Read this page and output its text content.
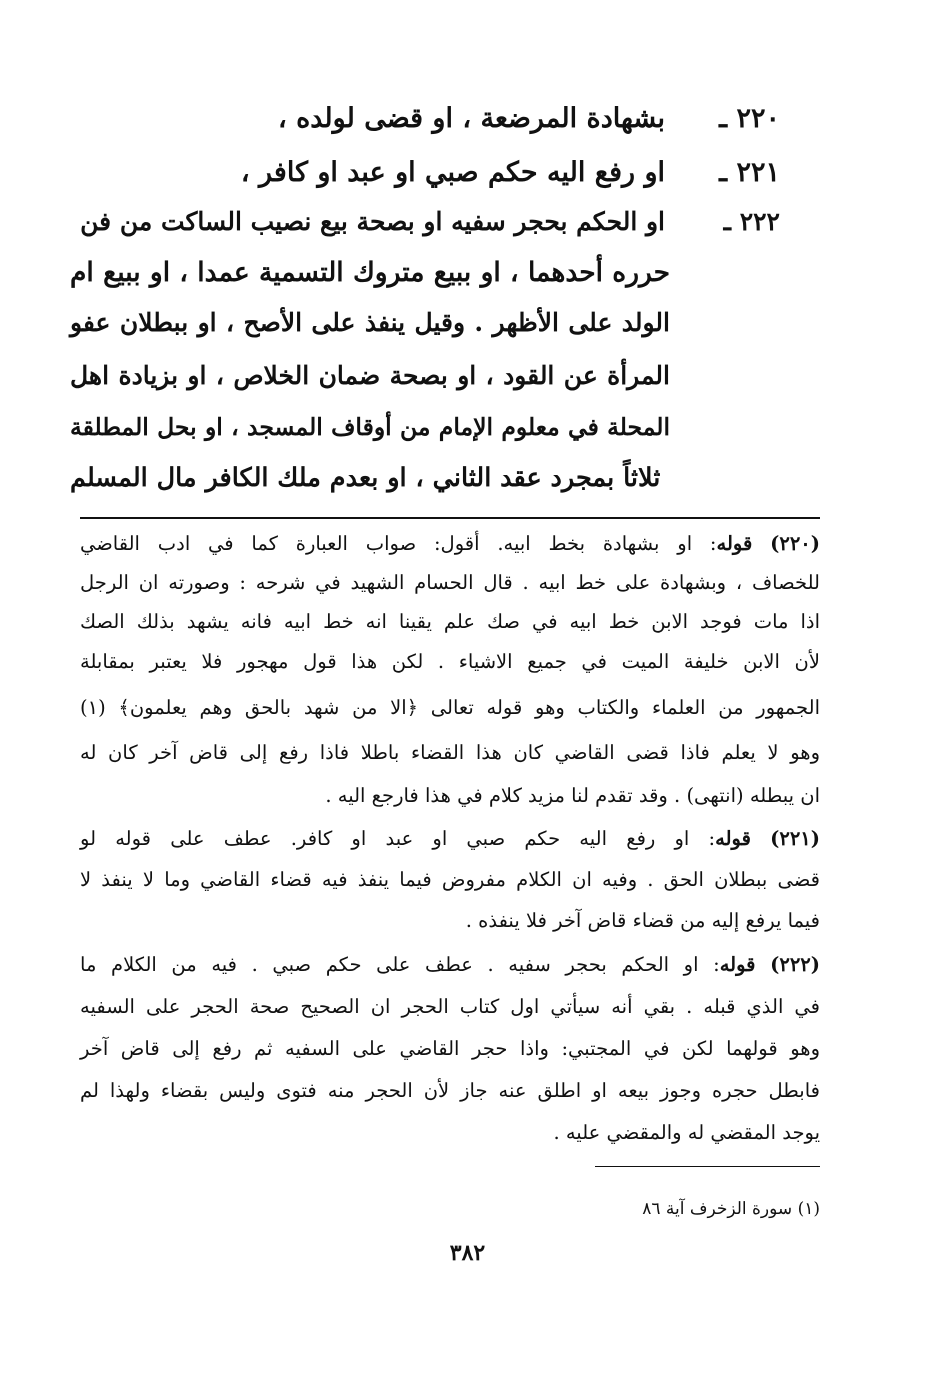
٢٢٠ ـبشهادة المرضعة ، او قضى لولده ،
٢٢١ ـاو رفع اليه حكم صبي او عبد او كافر ،
٢٢٢ ـاو الحكم بحجر سفيه او بصحة بيع نصيب الساكت من فن
حرره أحدهما ، او ببيع متروك التسمية عمدا ، او ببيع ام
الولد على الأظهر . وقيل ينفذ على الأصح ، او ببطلان عفو
المرأة عن القود ، او بصحة ضمان الخلاص ، او بزيادة اهل
المحلة في معلوم الإمام من أوقاف المسجد ، او بحل المطلقة
ثلاثاً بمجرد عقد الثاني ، او بعدم ملك الكافر مال المسلم
(٢٢٠) قوله: او بشهادة بخط ابيه. أقول: صواب العبارة كما في ادب القاضي
للخصاف ، وبشهادة على خط ابيه . قال الحسام الشهيد في شرحه : وصورته ان الرجل
اذا مات فوجد الابن خط ابيه في صك علم يقينا انه خط ابيه فانه يشهد بذلك الصك
لأن الابن خليفة الميت في جميع الاشياء . لكن هذا قول مهجور فلا يعتبر بمقابلة
الجمهور من العلماء والكتاب وهو قوله تعالى ﴿الا من شهد بالحق وهم يعلمون﴾ (١)
وهو لا يعلم فاذا قضى القاضي كان هذا القضاء باطلا فاذا رفع إلى قاض آخر كان له
ان يبطله (انتهى) . وقد تقدم لنا مزيد كلام في هذا فارجع اليه .
(٢٢١) قوله: او رفع اليه حكم صبي او عبد او كافر. عطف على قوله لو
قضى ببطلان الحق . وفيه ان الكلام مفروض فيما ينفذ فيه قضاء القاضي وما لا ينفذ لا
فيما يرفع إليه من قضاء قاض آخر فلا ينفذه .
(٢٢٢) قوله: او الحكم بحجر سفيه . عطف على حكم صبي . فيه من الكلام ما
في الذي قبله . بقي أنه سيأتي اول كتاب الحجر ان الصحيح صحة الحجر على السفيه
وهو قولهما لكن في المجتبي: واذا حجر القاضي على السفيه ثم رفع إلى قاض آخر
فابطل حجره وجوز بيعه او اطلق عنه جاز لأن الحجر منه فتوى وليس بقضاء ولهذا لم
يوجد المقضي له والمقضي عليه .
(١) سورة الزخرف آية ٨٦
٣٨٢
